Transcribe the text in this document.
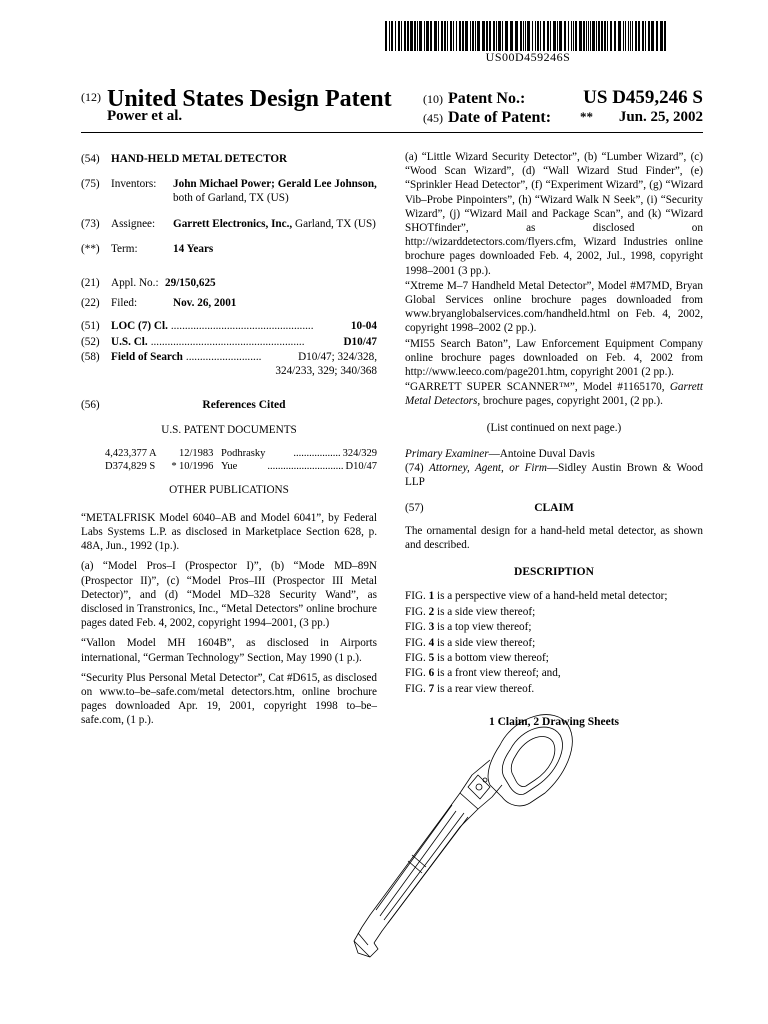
US00D459246S
$^{(12)}$ United States Design Patent
Power et al.
(10) Patent No.:	US D459,246 S
(45) Date of Patent: ** Jun. 25, 2002
(54)	HAND-HELD METAL DETECTOR
(75)	Inventors:	John Michael Power; Gerald Lee Johnson, both of Garland, TX (US)
(73)	Assignee:	Garrett Electronics, Inc., Garland, TX (US)
(**)	Term:	14 Years
(21)	Appl. No.: 29/150,625
(22)	Filed:	Nov. 26, 2001
(51)	LOC (7) Cl. ...................................................	10-04
(52)	U.S. Cl. .......................................................	D10/47
(58)	Field of Search ...........................	D10/47; 324/328,
324/233, 329; 340/368
(56)	References Cited
U.S. PATENT DOCUMENTS
4,423,377 A	12/1983 Podhrasky	.................. 324/329
D374,829 S	* 10/1996 Yue	............................. D10/47
OTHER PUBLICATIONS
“METALFRISK Model 6040–AB and Model 6041”, by Federal Labs Systems L.P. as disclosed in Marketplace Section 628, p. 48A, Jun., 1992 (1p.).
(a) “Model Pros–I (Prospector I)”, (b) “Mode MD–89N (Prospector II)”, (c) “Model Pros–III (Prospector III Metal Detector)”, and (d) “Model MD–328 Security Wand”, as disclosed in Transtronics, Inc., “Metal Detectors” online brochure pages dated Feb. 4, 2002, copyright 1994–2001, (3 pp.)
“Vallon Model MH 1604B”, as disclosed in Airports international, “German Technology” Section, May 1990 (1 p.).
“Security Plus Personal Metal Detector”, Cat #D615, as disclosed on www.to–be–safe.com/metal detectors.htm, online brochure pages downloaded Apr. 19, 2001, copyright 1998 to–be–safe.com, (1 p.).
(a) “Little Wizard Security Detector”, (b) “Lumber Wizard”, (c) “Wood Scan Wizard”, (d) “Wall Wizard Stud Finder”, (e) “Sprinkler Head Detector”, (f) “Experiment Wizard”, (g) “Wizard Vib–Probe Pinpointers”, (h) “Wizard Walk N Seek”, (i) “Security Wizard”, (j) “Wizard Mail and Package Scan”, and (k) “Wizard SHOTfinder”, as disclosed on http://wizarddetectors.com/flyers.cfm, Wizard Industries online brochure pages downloaded Feb. 4, 2002, Jul., 1998, copyright 1998–2001 (3 pp.).
“Xtreme M–7 Handheld Metal Detector”, Model #M7MD, Bryan Global Services online brochure pages downloaded from www.bryanglobalservices.com/handheld.html on Feb. 4, 2002, copyright 1998–2002 (2 pp.).
“MI55 Search Baton”, Law Enforcement Equipment Company online brochure pages downloaded on Feb. 4, 2002 from http://www.leeco.com/page201.htm, copyright 2001 (2 pp.).
“GARRETT SUPER SCANNER™”, Model #1165170, Garrett Metal Detectors, brochure pages, copyright 2001, (2 pp.).
(List continued on next page.)
Primary Examiner—Antoine Duval Davis
(74) Attorney, Agent, or Firm—Sidley Austin Brown & Wood LLP
(57)	CLAIM
The ornamental design for a hand-held metal detector, as shown and described.
DESCRIPTION
FIG. 1 is a perspective view of a hand-held metal detector;
FIG. 2 is a side view thereof;
FIG. 3 is a top view thereof;
FIG. 4 is a side view thereof;
FIG. 5 is a bottom view thereof;
FIG. 6 is a front view thereof; and,
FIG. 7 is a rear view thereof.
1 Claim, 2 Drawing Sheets
